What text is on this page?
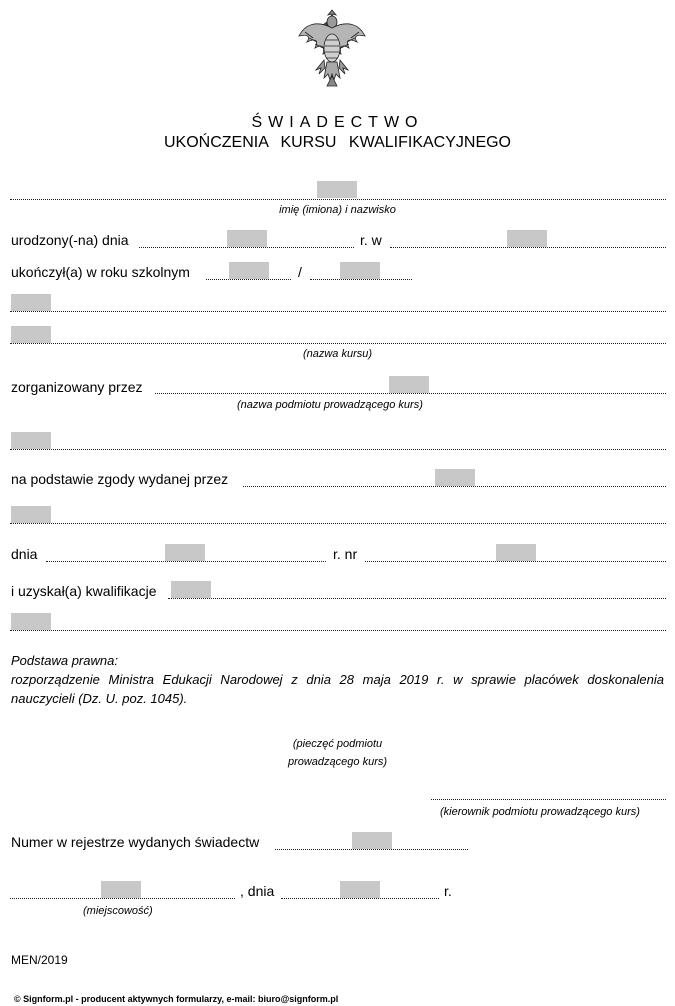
ŚWIADECTWO
UKOŃCZENIA KURSU KWALIFIKACYJNEGO
imię (imiona) i nazwisko
urodzony(-na) dnia	r. w
ukończył(a) w roku szkolnym	/
(nazwa kursu)
zorganizowany przez
(nazwa podmiotu prowadzącego kurs)
na podstawie zgody wydanej przez
dnia	r. nr
i uzyskał(a) kwalifikacje
Podstawa prawna:
rozporządzenie Ministra Edukacji Narodowej z dnia 28 maja 2019 r. w sprawie placówek doskonalenia nauczycieli (Dz. U. poz. 1045).
(pieczęć podmiotu
prowadzącego kurs)
(kierownik podmiotu prowadzącego kurs)
Numer w rejestrze wydanych świadectw
, dnia	r.
(miejscowość)
MEN/2019
© Signform.pl - producent aktywnych formularzy, e-mail: biuro@signform.pl
